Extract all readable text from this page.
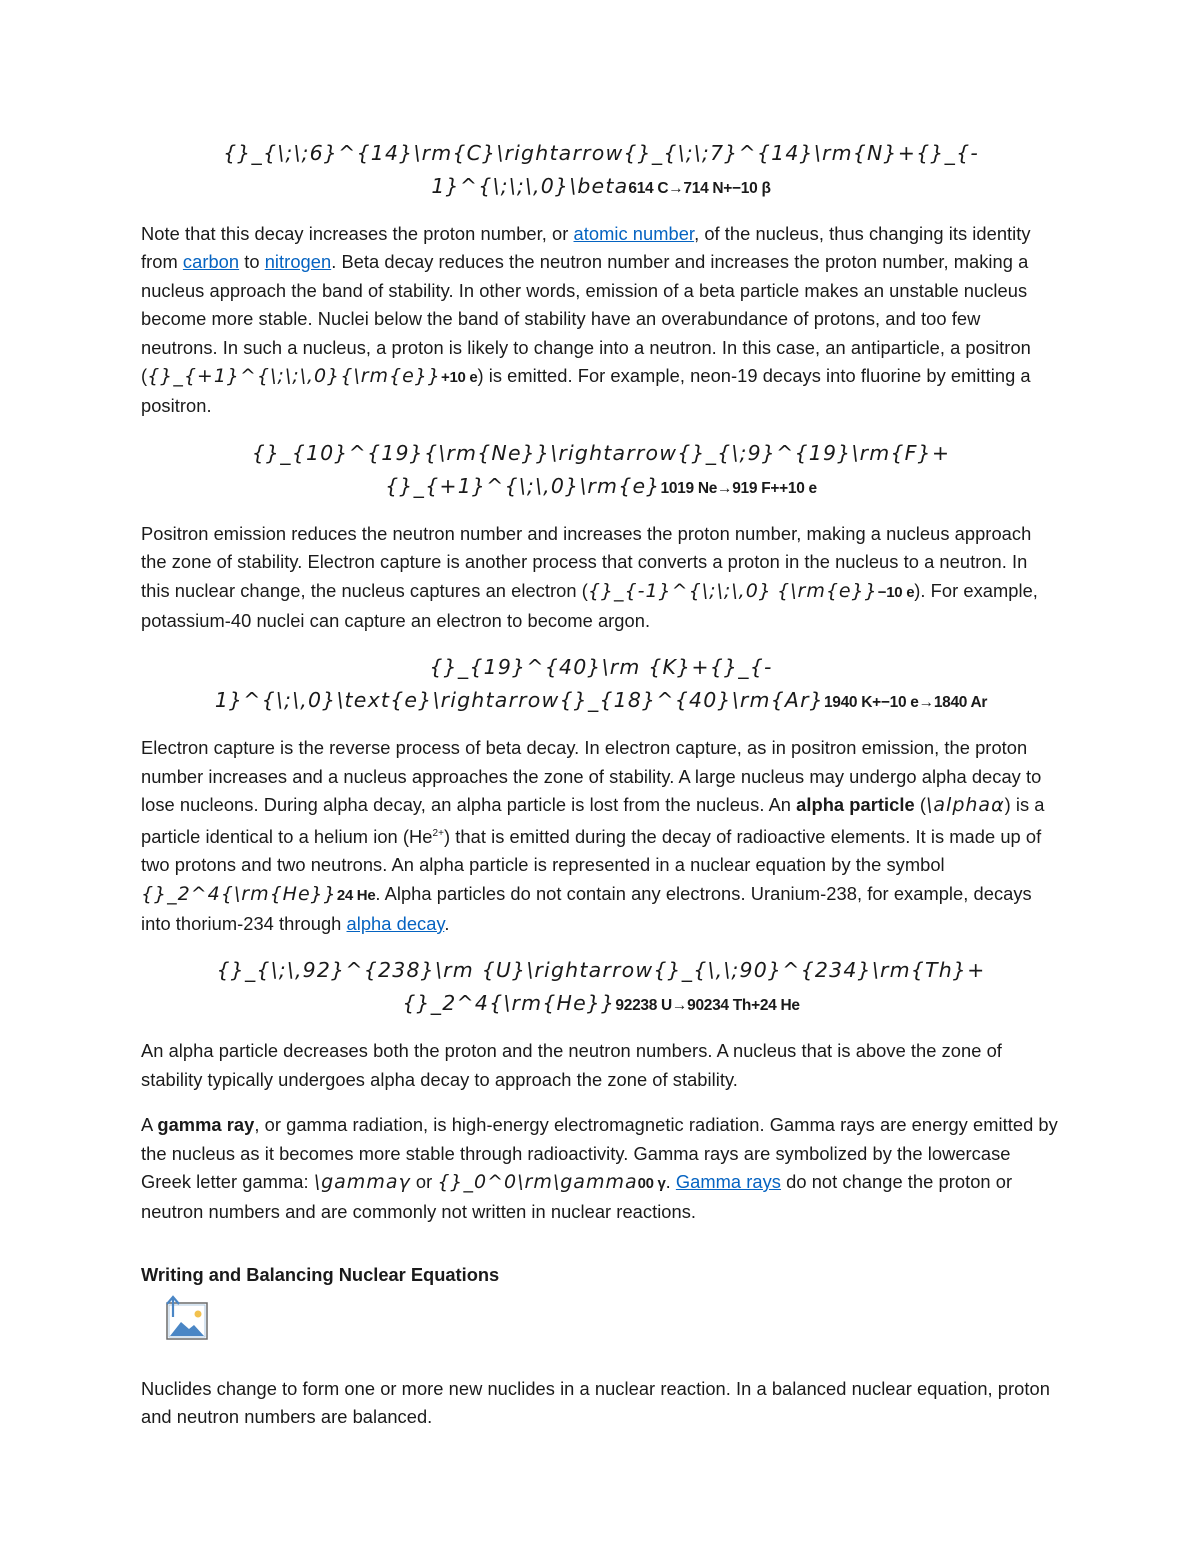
{}_{\;\;6}^{14}\rm{C}\rightarrow{}_{\;\;7}^{14}\rm{N}+{}_{-
1}^{\;\;\,0}\beta614 C→714 N+−10 β

Note that this decay increases the proton number, or atomic number, of the nucleus, thus changing its identity from carbon to nitrogen. Beta decay reduces the neutron number and increases the proton number, making a nucleus approach the band of stability. In other words, emission of a beta particle makes an unstable nucleus become more stable. Nuclei below the band of stability have an overabundance of protons, and too few neutrons. In such a nucleus, a proton is likely to change into a neutron. In this case, an antiparticle, a positron ({}_{+1}^{\;\;\,0}{\rm{e}}+10 e) is emitted. For example, neon-19 decays into fluorine by emitting a positron.

{}_{10}^{19}{\rm{Ne}}\rightarrow{}_{\;9}^{19}\rm{F}+
{}_{+1}^{\;\,0}\rm{e}1019 Ne→919 F++10 e

Positron emission reduces the neutron number and increases the proton number, making a nucleus approach the zone of stability. Electron capture is another process that converts a proton in the nucleus to a neutron. In this nuclear change, the nucleus captures an electron ({}_{-1}^{\;\;\,0} {\rm{e}}−10 e). For example, potassium-40 nuclei can capture an electron to become argon.

{}_{19}^{40}\rm {K}+{}_{-
1}^{\;\,0}\text{e}\rightarrow{}_{18}^{40}\rm{Ar}1940 K+−10 e→1840 Ar

Electron capture is the reverse process of beta decay. In electron capture, as in positron emission, the proton number increases and a nucleus approaches the zone of stability. A large nucleus may undergo alpha decay to lose nucleons. During alpha decay, an alpha particle is lost from the nucleus. An alpha particle (\alphaα) is a particle identical to a helium ion $(He^{2+})$ that is emitted during the decay of radioactive elements. It is made up of two protons and two neutrons. An alpha particle is represented in a nuclear equation by the symbol {}_2^4{\rm{He}}24 He. Alpha particles do not contain any electrons. Uranium-238, for example, decays into thorium-234 through alpha decay.

{}_{\;\,92}^{238}\rm {U}\rightarrow{}_{\,\;90}^{234}\rm{Th}+
{}_2^4{\rm{He}}92238 U→90234 Th+24 He

An alpha particle decreases both the proton and the neutron numbers. A nucleus that is above the zone of stability typically undergoes alpha decay to approach the zone of stability.

A gamma ray, or gamma radiation, is high-energy electromagnetic radiation. Gamma rays are energy emitted by the nucleus as it becomes more stable through radioactivity. Gamma rays are symbolized by the lowercase Greek letter gamma: \gammaγ or {}_0^0\rm\gamma00 γ. Gamma rays do not change the proton or neutron numbers and are commonly not written in nuclear reactions.

Writing and Balancing Nuclear Equations

Nuclides change to form one or more new nuclides in a nuclear reaction. In a balanced nuclear equation, proton and neutron numbers are balanced.
